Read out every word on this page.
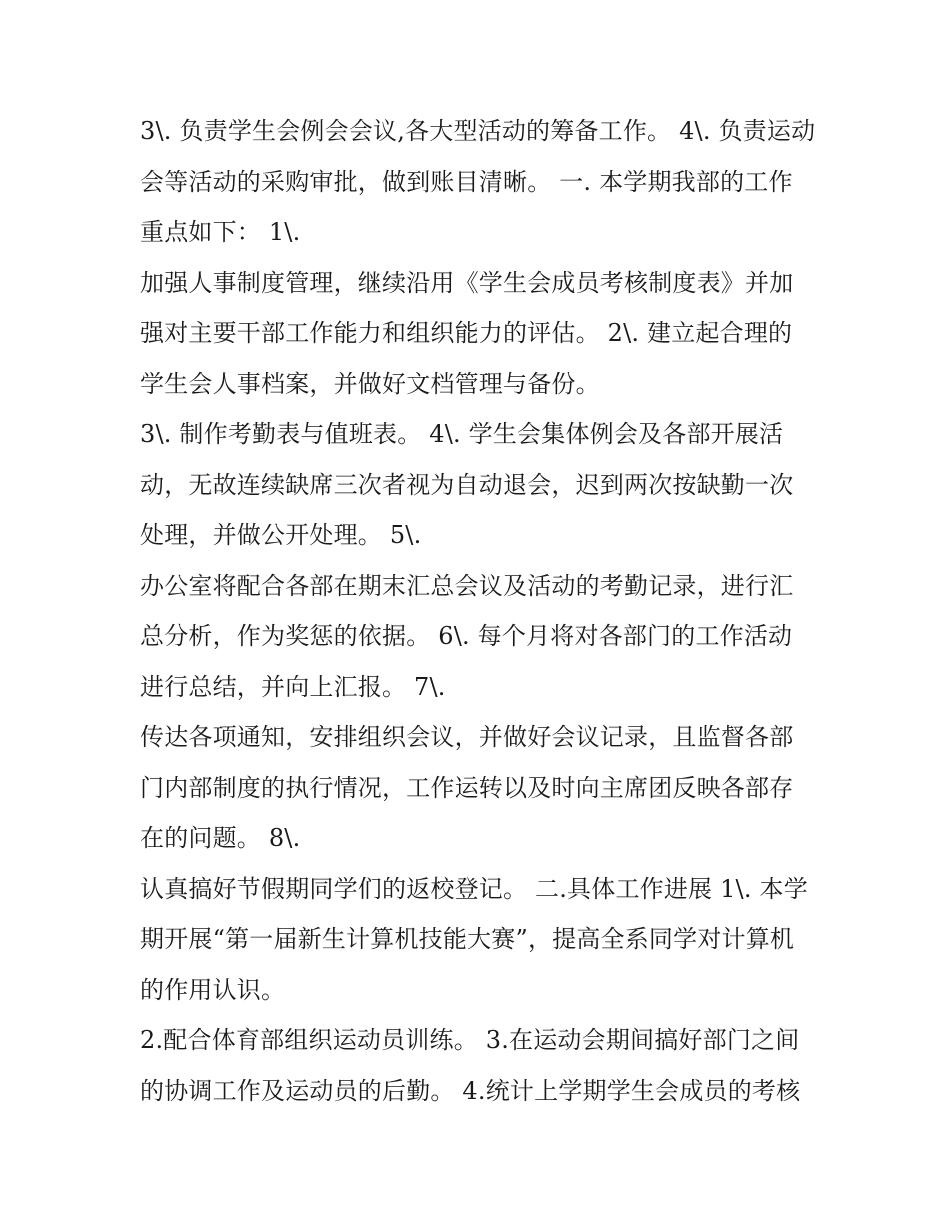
3\. 负责学生会例会会议,各大型活动的筹备工作。 4\. 负责运动会等活动的采购审批，做到账目清晰。 一. 本学期我部的工作重点如下： 1\.

加强人事制度管理，继续沿用《学生会成员考核制度表》并加强对主要干部工作能力和组织能力的评估。 2\. 建立起合理的学生会人事档案，并做好文档管理与备份。

3\. 制作考勤表与值班表。 4\. 学生会集体例会及各部开展活动，无故连续缺席三次者视为自动退会，迟到两次按缺勤一次处理，并做公开处理。 5\.

办公室将配合各部在期末汇总会议及活动的考勤记录，进行汇总分析，作为奖惩的依据。 6\. 每个月将对各部门的工作活动进行总结，并向上汇报。 7\.

传达各项通知，安排组织会议，并做好会议记录，且监督各部门内部制度的执行情况，工作运转以及时向主席团反映各部存在的问题。 8\.

认真搞好节假期同学们的返校登记。 二.具体工作进展 1\. 本学期开展“第一届新生计算机技能大赛”，提高全系同学对计算机的作用认识。

2.配合体育部组织运动员训练。 3.在运动会期间搞好部门之间的协调工作及运动员的后勤。 4.统计上学期学生会成员的考核
